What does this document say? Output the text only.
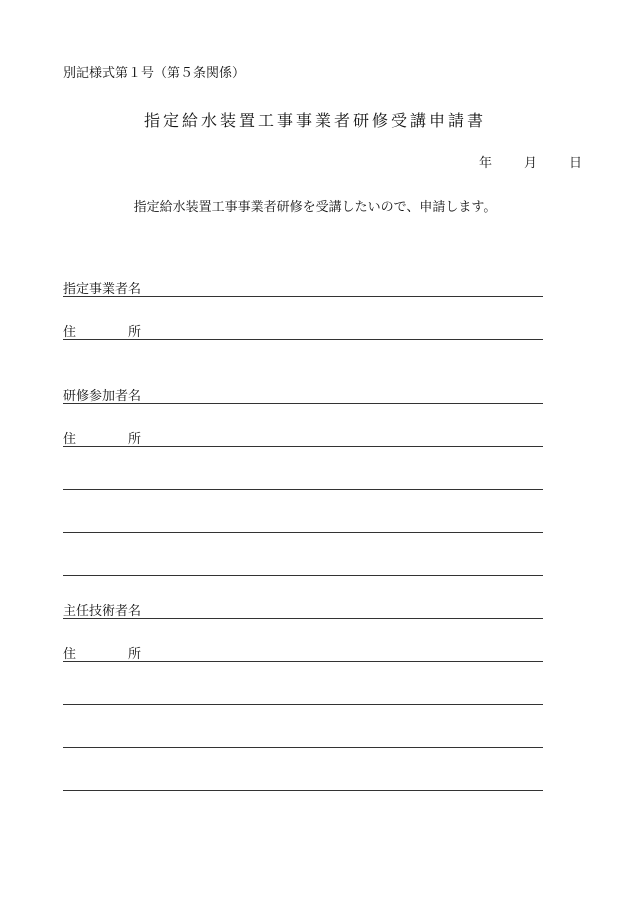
別記様式第１号（第５条関係）
指定給水装置工事事業者研修受講申請書
年 月 日
指定給水装置工事事業者研修を受講したいので、申請します。
指定事業者名
住	所
研修参加者名
住	所
主任技術者名
住	所
